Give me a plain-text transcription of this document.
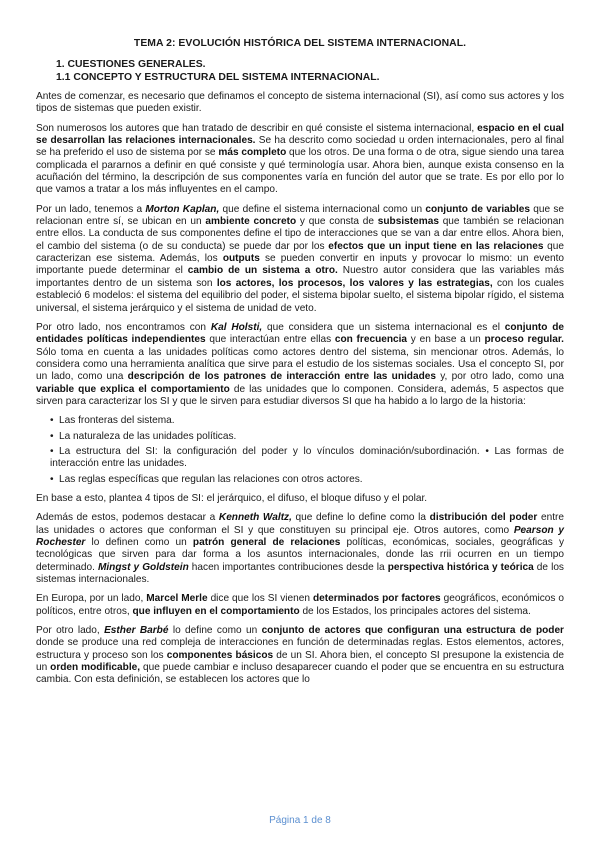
TEMA 2: EVOLUCIÓN HISTÓRICA DEL SISTEMA INTERNACIONAL.
1. CUESTIONES GENERALES.
1.1 CONCEPTO Y ESTRUCTURA DEL SISTEMA INTERNACIONAL.

Antes de comenzar, es necesario que definamos el concepto de sistema internacional (SI), así como sus actores y los tipos de sistemas que pueden existir.

Son numerosos los autores que han tratado de describir en qué consiste el sistema internacional, espacio en el cual se desarrollan las relaciones internacionales. Se ha descrito como sociedad u orden internacionales, pero al final se ha preferido el uso de sistema por se más completo que los otros. De una forma o de otra, sigue siendo una tarea complicada el pararnos a definir en qué consiste y qué terminología usar. Ahora bien, aunque exista consenso en la acuñación del término, la descripción de sus componentes varía en función del autor que se trate. Es por ello por lo que vamos a tratar a los más influyentes en el campo.

Por un lado, tenemos a Morton Kaplan, que define el sistema internacional como un conjunto de variables que se relacionan entre sí, se ubican en un ambiente concreto y que consta de subsistemas que también se relacionan entre ellos. La conducta de sus componentes define el tipo de interacciones que se van a dar entre ellos. Ahora bien, el cambio del sistema (o de su conducta) se puede dar por los efectos que un input tiene en las relaciones que caracterizan ese sistema. Además, los outputs se pueden convertir en inputs y provocar lo mismo: un evento importante puede determinar el cambio de un sistema a otro. Nuestro autor considera que las variables más importantes dentro de un sistema son los actores, los procesos, los valores y las estrategias, con los cuales estableció 6 modelos: el sistema del equilibrio del poder, el sistema bipolar suelto, el sistema bipolar rígido, el sistema universal, el sistema jerárquico y el sistema de unidad de veto.

Por otro lado, nos encontramos con Kal Holsti, que considera que un sistema internacional es el conjunto de entidades políticas independientes que interactúan entre ellas con frecuencia y en base a un proceso regular. Sólo toma en cuenta a las unidades políticas como actores dentro del sistema, sin mencionar otros. Además, lo considera como una herramienta analítica que sirve para el estudio de los sistemas sociales. Usa el concepto SI, por un lado, como una descripción de los patrones de interacción entre las unidades y, por otro lado, como una variable que explica el comportamiento de las unidades que lo componen. Considera, además, 5 aspectos que sirven para caracterizar los SI y que le sirven para estudiar diversos SI que ha habido a lo largo de la historia:

• Las fronteras del sistema.
• La naturaleza de las unidades políticas.
• La estructura del SI: la configuración del poder y lo vínculos dominación/subordinación. • Las formas de interacción entre las unidades.
• Las reglas específicas que regulan las relaciones con otros actores.

En base a esto, plantea 4 tipos de SI: el jerárquico, el difuso, el bloque difuso y el polar.

Además de estos, podemos destacar a Kenneth Waltz, que define lo define como la distribución del poder entre las unidades o actores que conforman el SI y que constituyen su principal eje. Otros autores, como Pearson y Rochester lo definen como un patrón general de relaciones políticas, económicas, sociales, geográficas y tecnológicas que sirven para dar forma a los asuntos internacionales, donde las rrii ocurren en un tiempo determinado. Mingst y Goldstein hacen importantes contribuciones desde la perspectiva histórica y teórica de los sistemas internacionales.

En Europa, por un lado, Marcel Merle dice que los SI vienen determinados por factores geográficos, económicos o políticos, entre otros, que influyen en el comportamiento de los Estados, los principales actores del sistema.

Por otro lado, Esther Barbé lo define como un conjunto de actores que configuran una estructura de poder donde se produce una red compleja de interacciones en función de determinadas reglas. Estos elementos, actores, estructura y proceso son los componentes básicos de un SI. Ahora bien, el concepto SI presupone la existencia de un orden modificable, que puede cambiar e incluso desaparecer cuando el poder que se encuentra en su estructura cambia. Con esta definición, se establecen los actores que lo

Página 1 de 8
